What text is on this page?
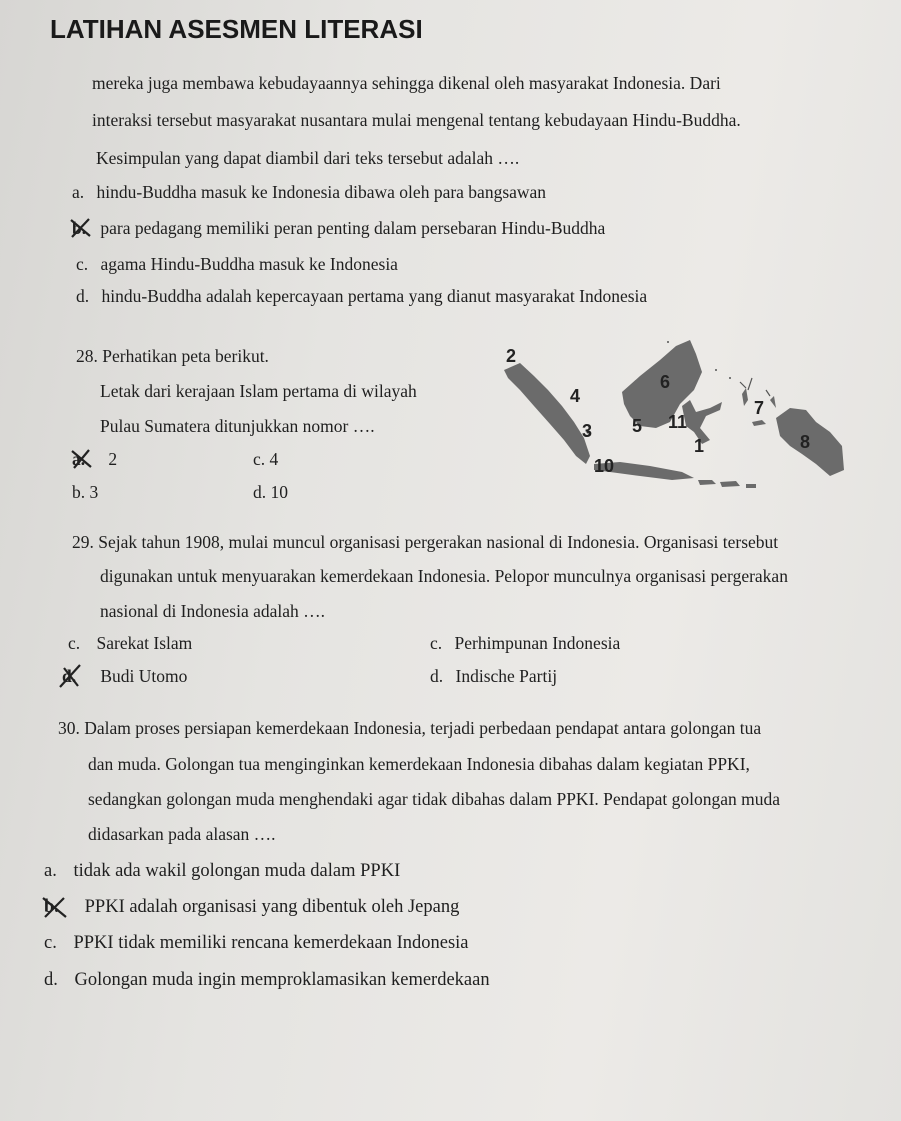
LATIHAN ASESMEN LITERASI
mereka juga membawa kebudayaannya sehingga dikenal oleh masyarakat Indonesia. Dari
interaksi tersebut masyarakat nusantara mulai mengenal tentang kebudayaan Hindu-Buddha.
Kesimpulan yang dapat diambil dari teks tersebut adalah ….
a. hindu-Buddha masuk ke Indonesia dibawa oleh para bangsawan
b. para pedagang memiliki peran penting dalam persebaran Hindu-Buddha
c. agama Hindu-Buddha masuk ke Indonesia
d. hindu-Buddha adalah kepercayaan pertama yang dianut masyarakat Indonesia
28. Perhatikan peta berikut.
Letak dari kerajaan Islam pertama di wilayah
Pulau Sumatera ditunjukkan nomor ….
a. 2	c. 4
b. 3	d. 10
2
4
6
7
3 5 11
1	8
10
29. Sejak tahun 1908, mulai muncul organisasi pergerakan nasional di Indonesia. Organisasi tersebut
digunakan untuk menyuarakan kemerdekaan Indonesia. Pelopor munculnya organisasi pergerakan
nasional di Indonesia adalah ….
c. Sarekat Islam	c. Perhimpunan Indonesia
d. Budi Utomo	d. Indische Partij
30. Dalam proses persiapan kemerdekaan Indonesia, terjadi perbedaan pendapat antara golongan tua
dan muda. Golongan tua menginginkan kemerdekaan Indonesia dibahas dalam kegiatan PPKI,
sedangkan golongan muda menghendaki agar tidak dibahas dalam PPKI. Pendapat golongan muda
didasarkan pada alasan ….
a. tidak ada wakil golongan muda dalam PPKI
b. PPKI adalah organisasi yang dibentuk oleh Jepang
c. PPKI tidak memiliki rencana kemerdekaan Indonesia
d. Golongan muda ingin memproklamasikan kemerdekaan
